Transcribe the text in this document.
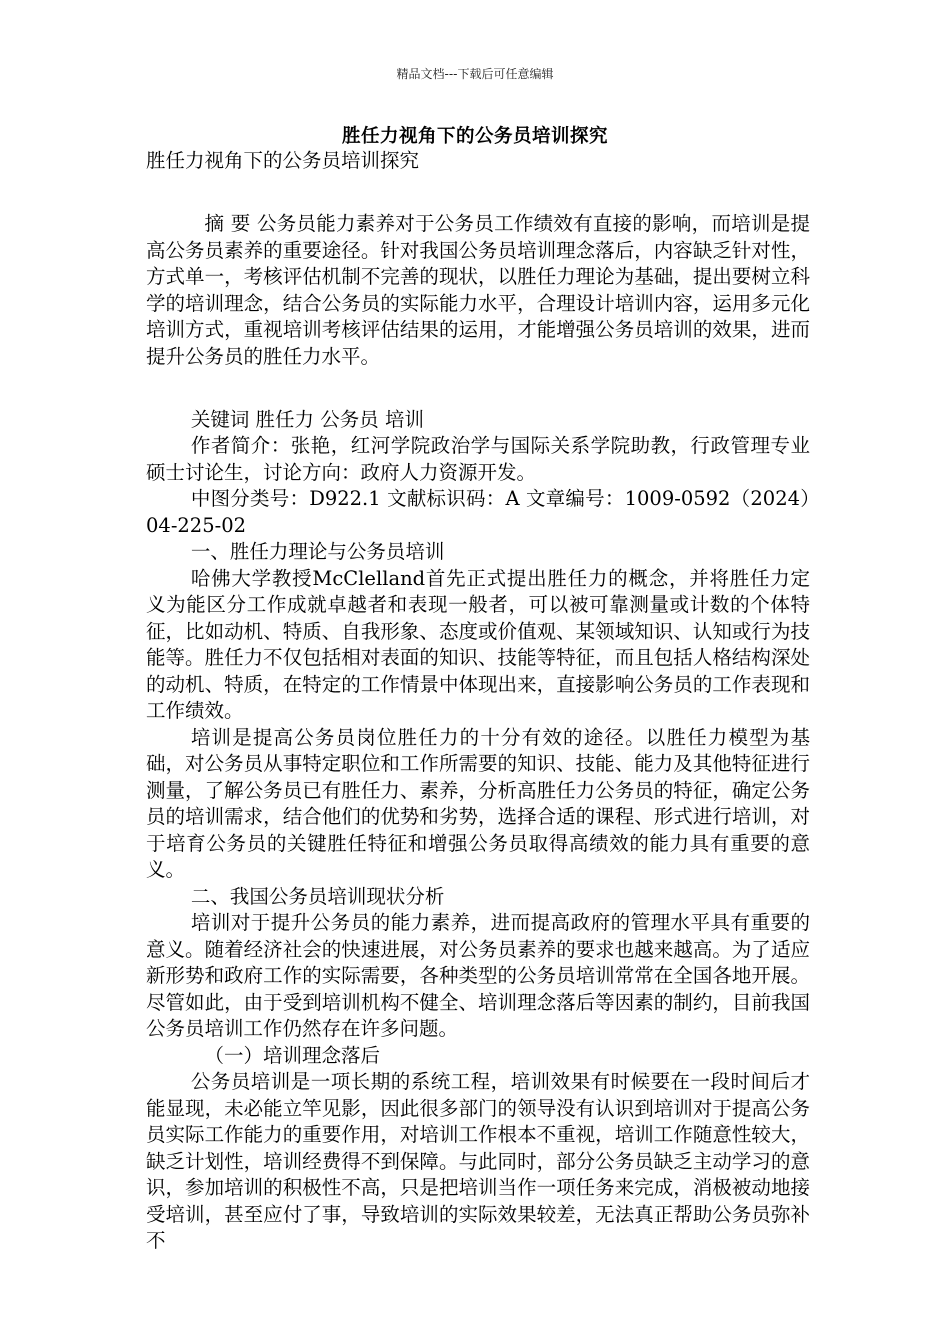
精品文档---下载后可任意编辑
胜任力视角下的公务员培训探究

胜任力视角下的公务员培训探究

摘 要 公务员能力素养对于公务员工作绩效有直接的影响，而培训是提高公务员素养的重要途径。针对我国公务员培训理念落后，内容缺乏针对性，方式单一，考核评估机制不完善的现状，以胜任力理论为基础，提出要树立科学的培训理念，结合公务员的实际能力水平，合理设计培训内容，运用多元化培训方式，重视培训考核评估结果的运用，才能增强公务员培训的效果，进而提升公务员的胜任力水平。

关键词 胜任力 公务员 培训

作者简介：张艳，红河学院政治学与国际关系学院助教，行政管理专业硕士讨论生，讨论方向：政府人力资源开发。

中图分类号：D922.1 文献标识码：A 文章编号：1009-0592（2024）04-225-02

一、胜任力理论与公务员培训

哈佛大学教授McClelland首先正式提出胜任力的概念，并将胜任力定义为能区分工作成就卓越者和表现一般者，可以被可靠测量或计数的个体特征，比如动机、特质、自我形象、态度或价值观、某领域知识、认知或行为技能等。胜任力不仅包括相对表面的知识、技能等特征，而且包括人格结构深处的动机、特质，在特定的工作情景中体现出来，直接影响公务员的工作表现和工作绩效。

培训是提高公务员岗位胜任力的十分有效的途径。以胜任力模型为基础，对公务员从事特定职位和工作所需要的知识、技能、能力及其他特征进行测量，了解公务员已有胜任力、素养，分析高胜任力公务员的特征，确定公务员的培训需求，结合他们的优势和劣势，选择合适的课程、形式进行培训，对于培育公务员的关键胜任特征和增强公务员取得高绩效的能力具有重要的意义。

二、我国公务员培训现状分析

培训对于提升公务员的能力素养，进而提高政府的管理水平具有重要的意义。随着经济社会的快速进展，对公务员素养的要求也越来越高。为了适应新形势和政府工作的实际需要，各种类型的公务员培训常常在全国各地开展。尽管如此，由于受到培训机构不健全、培训理念落后等因素的制约，目前我国公务员培训工作仍然存在许多问题。

（一）培训理念落后

公务员培训是一项长期的系统工程，培训效果有时候要在一段时间后才能显现，未必能立竿见影，因此很多部门的领导没有认识到培训对于提高公务员实际工作能力的重要作用，对培训工作根本不重视，培训工作随意性较大，缺乏计划性，培训经费得不到保障。与此同时，部分公务员缺乏主动学习的意识，参加培训的积极性不高，只是把培训当作一项任务来完成，消极被动地接受培训，甚至应付了事，导致培训的实际效果较差，无法真正帮助公务员弥补不
